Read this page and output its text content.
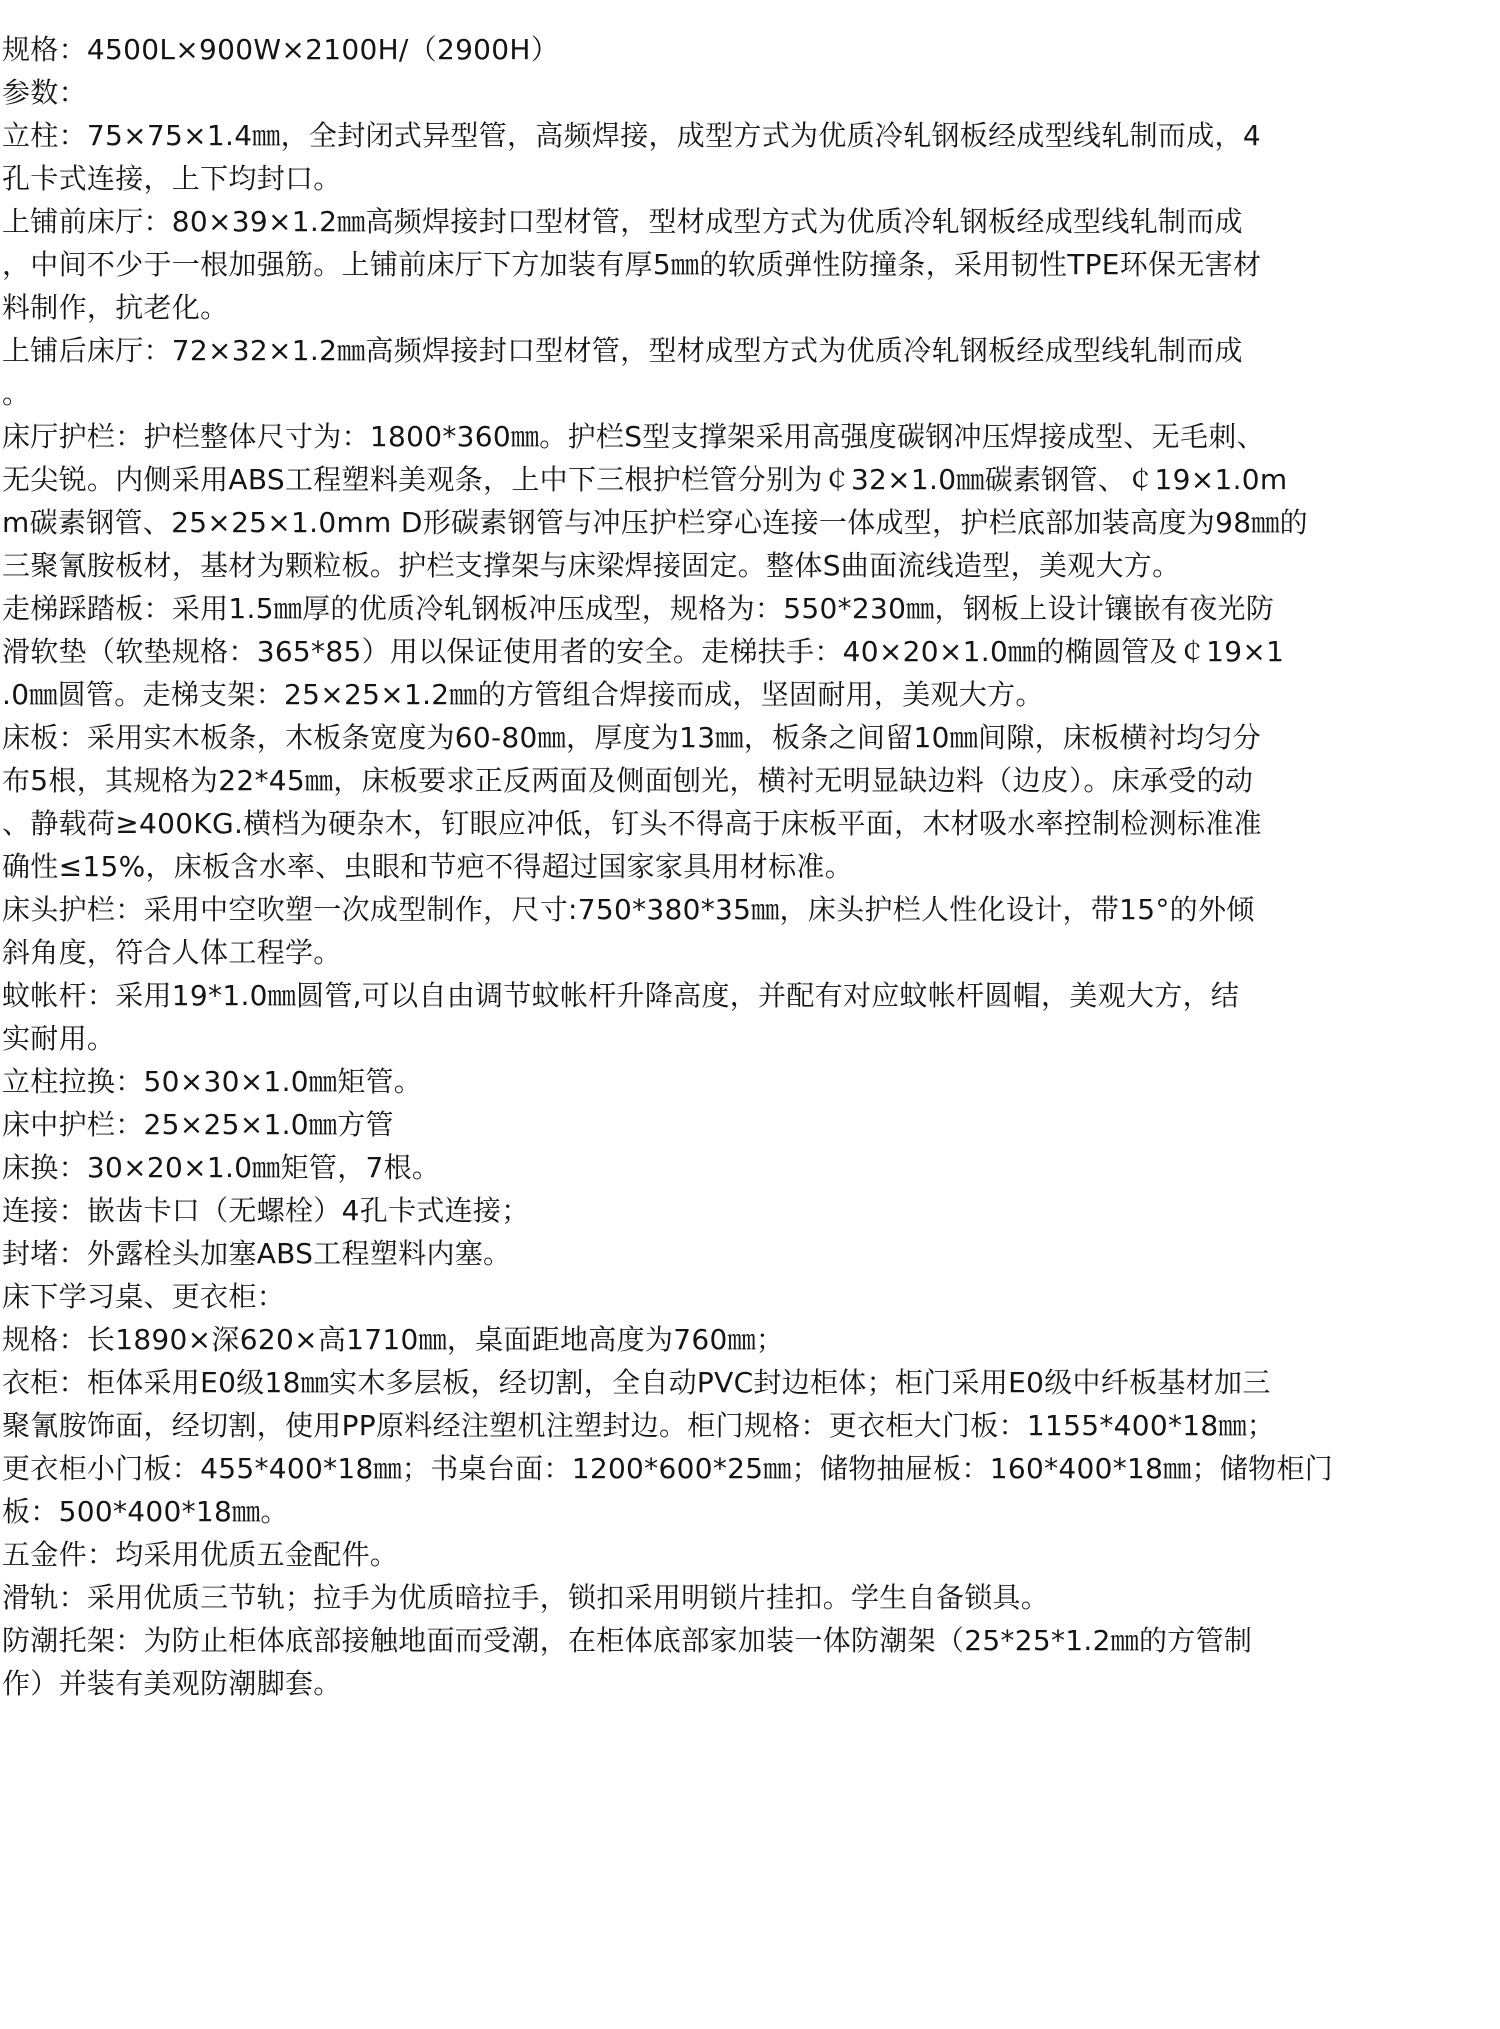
规格：4500L×900W×2100H/（2900H）
参数：
立柱：75×75×1.4㎜，全封闭式异型管，高频焊接，成型方式为优质冷轧钢板经成型线轧制而成，4
孔卡式连接，上下均封口。
上铺前床厅：80×39×1.2㎜高频焊接封口型材管，型材成型方式为优质冷轧钢板经成型线轧制而成
，中间不少于一根加强筋。上铺前床厅下方加装有厚5㎜的软质弹性防撞条，采用韧性TPE环保无害材
料制作，抗老化。
上铺后床厅：72×32×1.2㎜高频焊接封口型材管，型材成型方式为优质冷轧钢板经成型线轧制而成
。
床厅护栏：护栏整体尺寸为：1800*360㎜。护栏S型支撑架采用高强度碳钢冲压焊接成型、无毛刺、
无尖锐。内侧采用ABS工程塑料美观条，上中下三根护栏管分别为￠32×1.0㎜碳素钢管、￠19×1.0m
m碳素钢管、25×25×1.0mm D形碳素钢管与冲压护栏穿心连接一体成型，护栏底部加装高度为98㎜的
三聚氰胺板材，基材为颗粒板。护栏支撑架与床梁焊接固定。整体S曲面流线造型，美观大方。
走梯踩踏板：采用1.5㎜厚的优质冷轧钢板冲压成型，规格为：550*230㎜，钢板上设计镶嵌有夜光防
滑软垫（软垫规格：365*85）用以保证使用者的安全。走梯扶手：40×20×1.0㎜的椭圆管及￠19×1
.0㎜圆管。走梯支架：25×25×1.2㎜的方管组合焊接而成，坚固耐用，美观大方。
床板：采用实木板条，木板条宽度为60-80㎜，厚度为13㎜，板条之间留10㎜间隙，床板横衬均匀分
布5根，其规格为22*45㎜，床板要求正反两面及侧面刨光，横衬无明显缺边料（边皮）。床承受的动
、静载荷≥400KG.横档为硬杂木，钉眼应冲低，钉头不得高于床板平面，木材吸水率控制检测标准准
确性≤15%，床板含水率、虫眼和节疤不得超过国家家具用材标准。
床头护栏：采用中空吹塑一次成型制作，尺寸:750*380*35㎜，床头护栏人性化设计，带15°的外倾
斜角度，符合人体工程学。
蚊帐杆：采用19*1.0㎜圆管,可以自由调节蚊帐杆升降高度，并配有对应蚊帐杆圆帽，美观大方，结
实耐用。
立柱拉换：50×30×1.0㎜矩管。
床中护栏：25×25×1.0㎜方管
床换：30×20×1.0㎜矩管，7根。
连接：嵌齿卡口（无螺栓）4孔卡式连接；
封堵：外露栓头加塞ABS工程塑料内塞。
床下学习桌、更衣柜：
规格：长1890×深620×高1710㎜，桌面距地高度为760㎜；
衣柜：柜体采用E0级18㎜实木多层板，经切割，全自动PVC封边柜体；柜门采用E0级中纤板基材加三
聚氰胺饰面，经切割，使用PP原料经注塑机注塑封边。柜门规格：更衣柜大门板：1155*400*18㎜；
更衣柜小门板：455*400*18㎜；书桌台面：1200*600*25㎜；储物抽屉板：160*400*18㎜；储物柜门
板：500*400*18㎜。
五金件：均采用优质五金配件。
滑轨：采用优质三节轨；拉手为优质暗拉手，锁扣采用明锁片挂扣。学生自备锁具。
防潮托架：为防止柜体底部接触地面而受潮，在柜体底部家加装一体防潮架（25*25*1.2㎜的方管制
作）并装有美观防潮脚套。
